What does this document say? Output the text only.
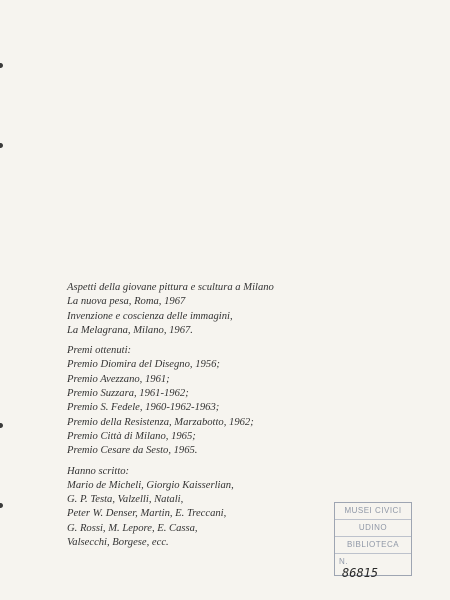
Aspetti della giovane pittura e scultura a Milano
La nuova pesa, Roma, 1967
Invenzione e coscienza delle immagini,
La Melagrana, Milano, 1967.
Premi ottenuti:
Premio Diomira del Disegno, 1956;
Premio Avezzano, 1961;
Premio Suzzara, 1961-1962;
Premio S. Fedele, 1960-1962-1963;
Premio della Resistenza, Marzabotto, 1962;
Premio Città di Milano, 1965;
Premio Cesare da Sesto, 1965.
Hanno scritto:
Mario de Micheli, Giorgio Kaisserlian,
G. P. Testa, Valzelli, Natali,
Peter W. Denser, Martin, E. Treccani,
G. Rossi, M. Lepore, E. Cassa,
Valsecchi, Borgese, ecc.
MUSEI CIVICI
UDINO
BIBLIOTECA
N.
86815
